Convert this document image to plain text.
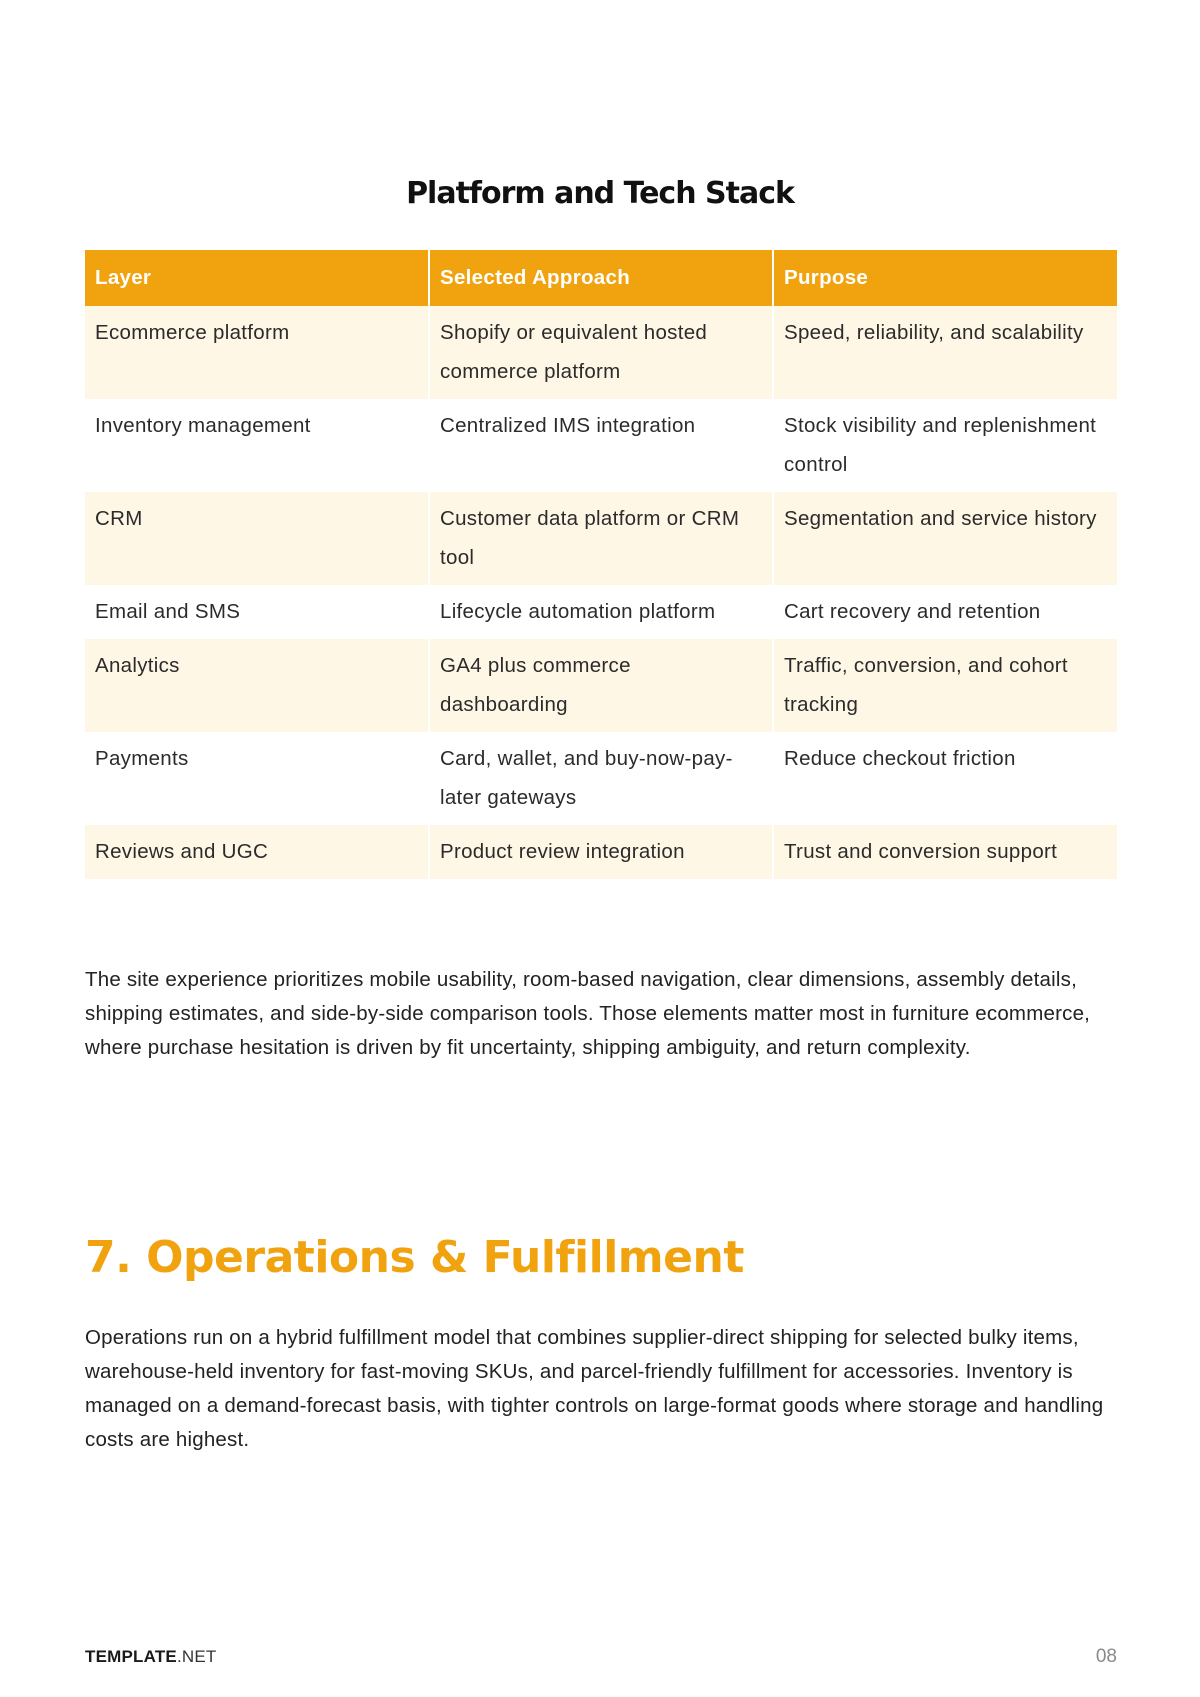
Platform and Tech Stack
Layer	Selected Approach	Purpose

Ecommerce platform	Shopify or equivalent hosted commerce platform	Speed, reliability, and scalability

Inventory management	Centralized IMS integration	Stock visibility and replenishment control

CRM	Customer data platform or CRM tool	Segmentation and service history

Email and SMS	Lifecycle automation platform	Cart recovery and retention

Analytics	GA4 plus commerce dashboarding	Traffic, conversion, and cohort tracking

Payments	Card, wallet, and buy-now-pay-later gateways	Reduce checkout friction

Reviews and UGC	Product review integration	Trust and conversion support

The site experience prioritizes mobile usability, room-based navigation, clear dimensions, assembly details, shipping estimates, and side-by-side comparison tools. Those elements matter most in furniture ecommerce, where purchase hesitation is driven by fit uncertainty, shipping ambiguity, and return complexity.

7. Operations & Fulfillment

Operations run on a hybrid fulfillment model that combines supplier-direct shipping for selected bulky items, warehouse-held inventory for fast-moving SKUs, and parcel-friendly fulfillment for accessories. Inventory is managed on a demand-forecast basis, with tighter controls on large-format goods where storage and handling costs are highest.

TEMPLATE.NET	08
